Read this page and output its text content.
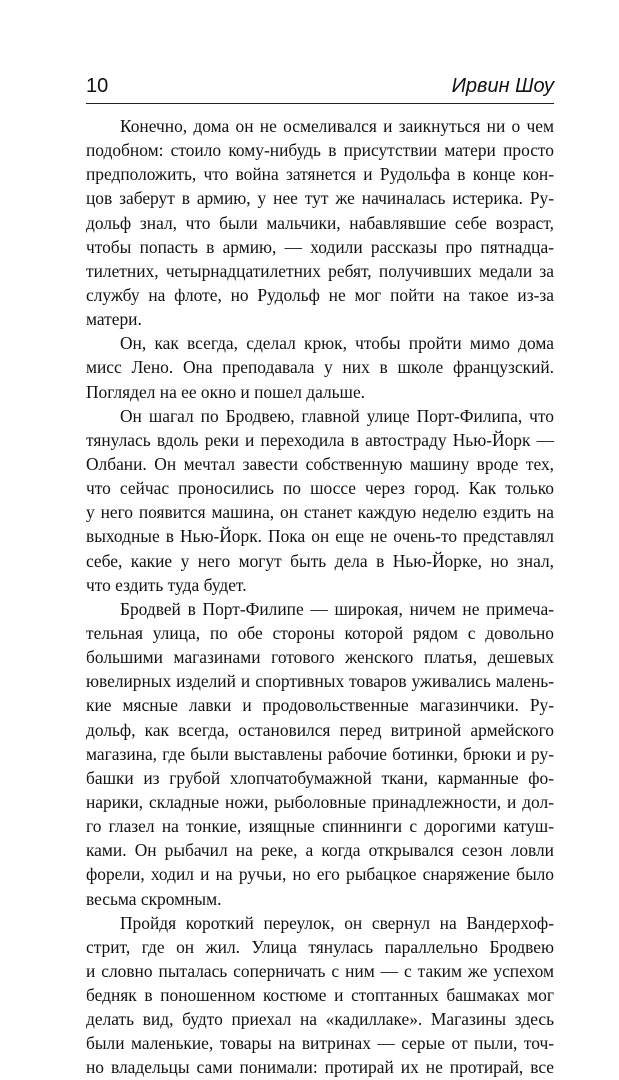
10	Ирвин Шоу
Конечно, дома он не осмеливался и заикнуться ни о чем
подобном: стоило кому-нибудь в присутствии матери просто
предположить, что война затянется и Рудольфа в конце кон-
цов заберут в армию, у нее тут же начиналась истерика. Ру-
дольф знал, что были мальчики, набавлявшие себе возраст,
чтобы попасть в армию, — ходили рассказы про пятнадца-
тилетних, четырнадцатилетних ребят, получивших медали за
службу на флоте, но Рудольф не мог пойти на такое из-за
матери.
Он, как всегда, сделал крюк, чтобы пройти мимо дома
мисс Лено. Она преподавала у них в школе французский.
Поглядел на ее окно и пошел дальше.
Он шагал по Бродвею, главной улице Порт-Филипа, что
тянулась вдоль реки и переходила в автостраду Нью-Йорк —
Олбани. Он мечтал завести собственную машину вроде тех,
что сейчас проносились по шоссе через город. Как только
у него появится машина, он станет каждую неделю ездить на
выходные в Нью-Йорк. Пока он еще не очень-то представлял
себе, какие у него могут быть дела в Нью-Йорке, но знал,
что ездить туда будет.
Бродвей в Порт-Филипе — широкая, ничем не примеча-
тельная улица, по обе стороны которой рядом с довольно
большими магазинами готового женского платья, дешевых
ювелирных изделий и спортивных товаров уживались малень-
кие мясные лавки и продовольственные магазинчики. Ру-
дольф, как всегда, остановился перед витриной армейского
магазина, где были выставлены рабочие ботинки, брюки и ру-
башки из грубой хлопчатобумажной ткани, карманные фо-
нарики, складные ножи, рыболовные принадлежности, и дол-
го глазел на тонкие, изящные спиннинги с дорогими катуш-
ками. Он рыбачил на реке, а когда открывался сезон ловли
форели, ходил и на ручьи, но его рыбацкое снаряжение было
весьма скромным.
Пройдя короткий переулок, он свернул на Вандерхоф-
стрит, где он жил. Улица тянулась параллельно Бродвею
и словно пыталась соперничать с ним — с таким же успехом
бедняк в поношенном костюме и стоптанных башмаках мог
делать вид, будто приехал на «кадиллаке». Магазины здесь
были маленькие, товары на витринах — серые от пыли, точ-
но владельцы сами понимали: протирай их не протирай, все
